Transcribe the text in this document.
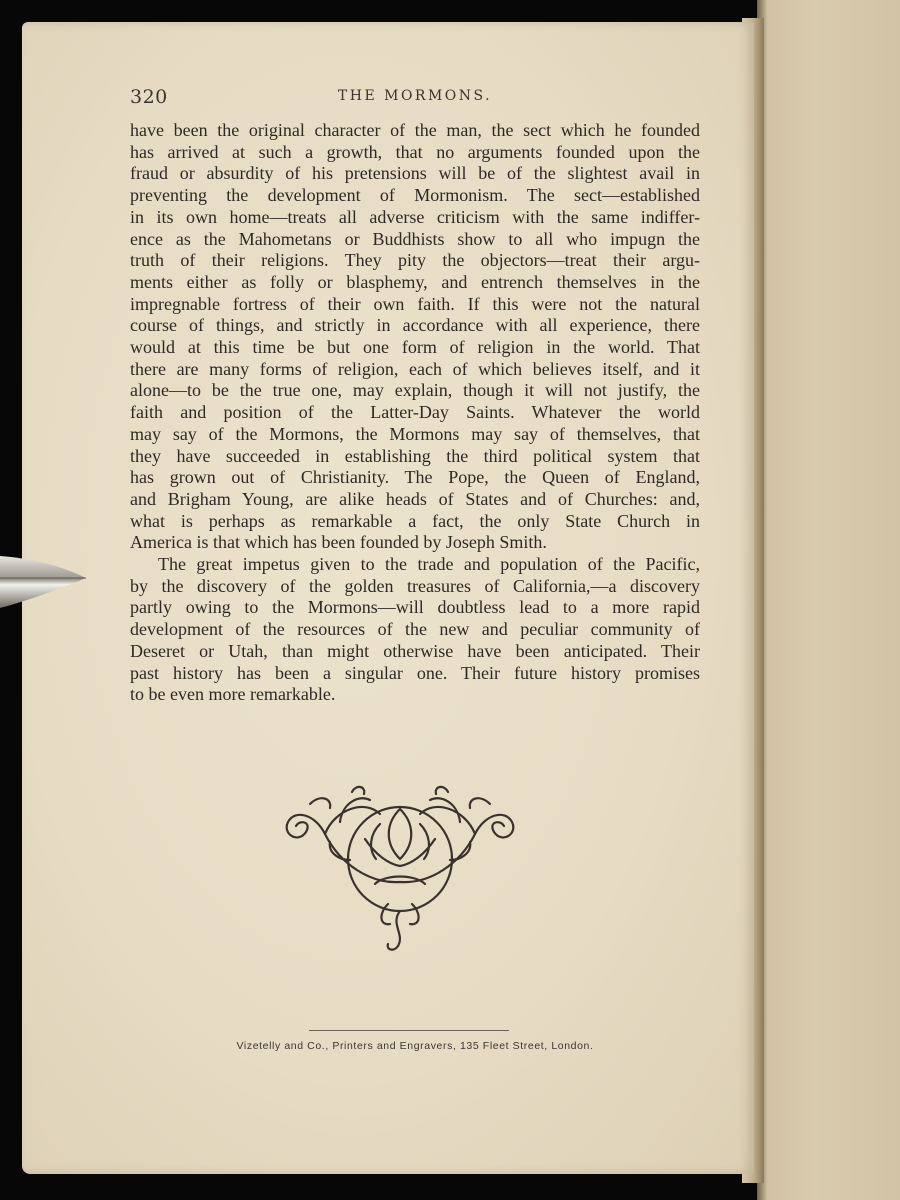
THE MORMONS.
320
have been the original character of the man, the sect which he founded
has arrived at such a growth, that no arguments founded upon the
fraud or absurdity of his pretensions will be of the slightest avail in
preventing the development of Mormonism. The sect—established
in its own home—treats all adverse criticism with the same indiffer-
ence as the Mahometans or Buddhists show to all who impugn the
truth of their religions. They pity the objectors—treat their argu-
ments either as folly or blasphemy, and entrench themselves in the
impregnable fortress of their own faith. If this were not the natural
course of things, and strictly in accordance with all experience, there
would at this time be but one form of religion in the world. That
there are many forms of religion, each of which believes itself, and it
alone—to be the true one, may explain, though it will not justify, the
faith and position of the Latter-Day Saints. Whatever the world
may say of the Mormons, the Mormons may say of themselves, that
they have succeeded in establishing the third political system that
has grown out of Christianity. The Pope, the Queen of England,
and Brigham Young, are alike heads of States and of Churches: and,
what is perhaps as remarkable a fact, the only State Church in
America is that which has been founded by Joseph Smith.
The great impetus given to the trade and population of the Pacific,
by the discovery of the golden treasures of California,—a discovery
partly owing to the Mormons—will doubtless lead to a more rapid
development of the resources of the new and peculiar community of
Deseret or Utah, than might otherwise have been anticipated. Their
past history has been a singular one. Their future history promises
to be even more remarkable.
Vizetelly and Co., Printers and Engravers, 135 Fleet Street, London.
